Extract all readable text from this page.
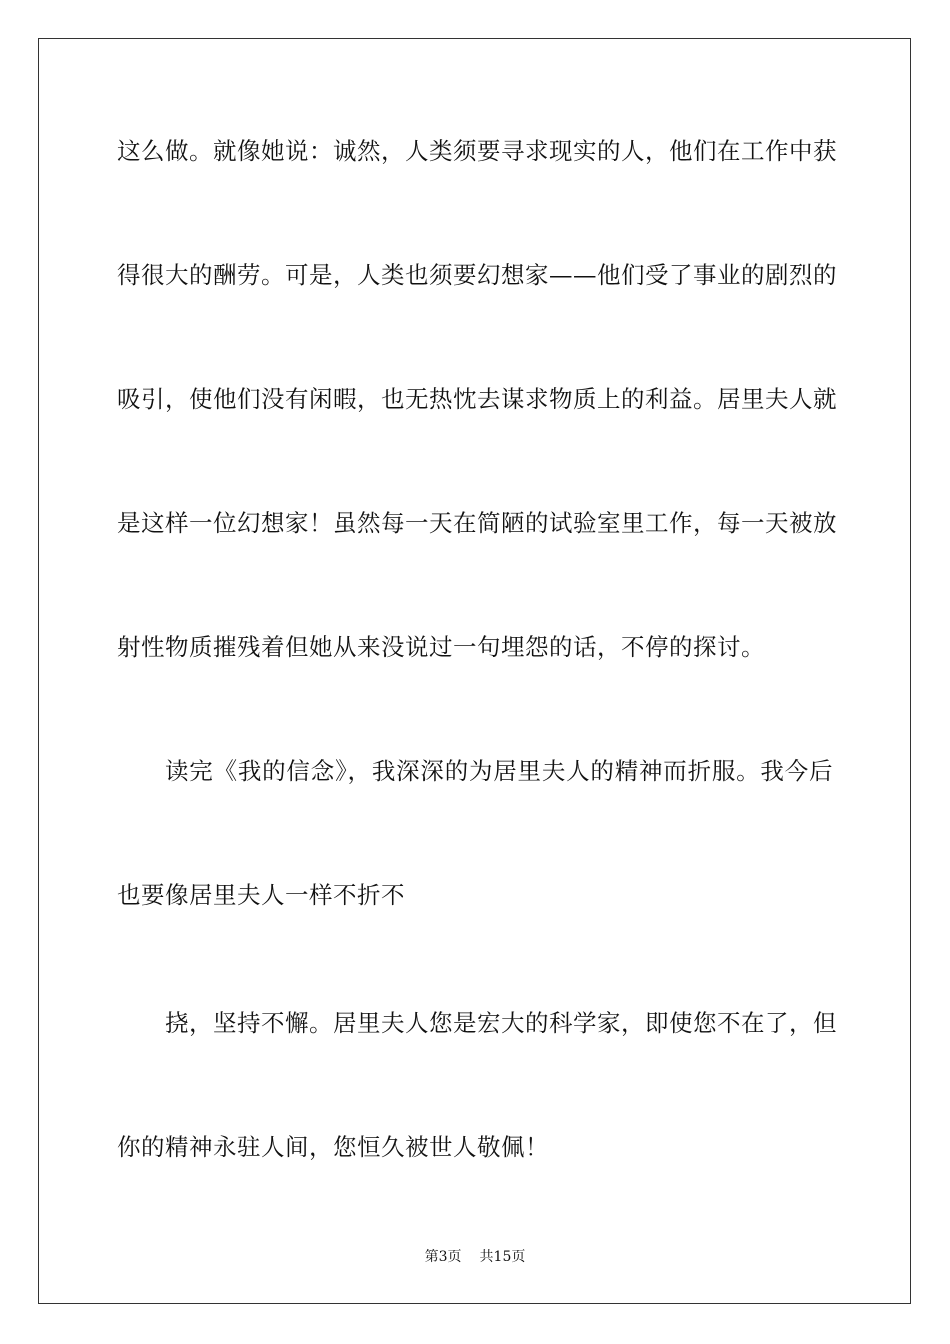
这么做。就像她说：诚然，人类须要寻求现实的人，他们在工作中获
得很大的酬劳。可是，人类也须要幻想家——他们受了事业的剧烈的
吸引，使他们没有闲暇，也无热忱去谋求物质上的利益。居里夫人就
是这样一位幻想家！虽然每一天在简陋的试验室里工作，每一天被放
射性物质摧残着但她从来没说过一句埋怨的话，不停的探讨。
读完《我的信念》，我深深的为居里夫人的精神而折服。我今后
也要像居里夫人一样不折不
挠，坚持不懈。居里夫人您是宏大的科学家，即使您不在了，但
你的精神永驻人间，您恒久被世人敬佩！
第3页 共15页
